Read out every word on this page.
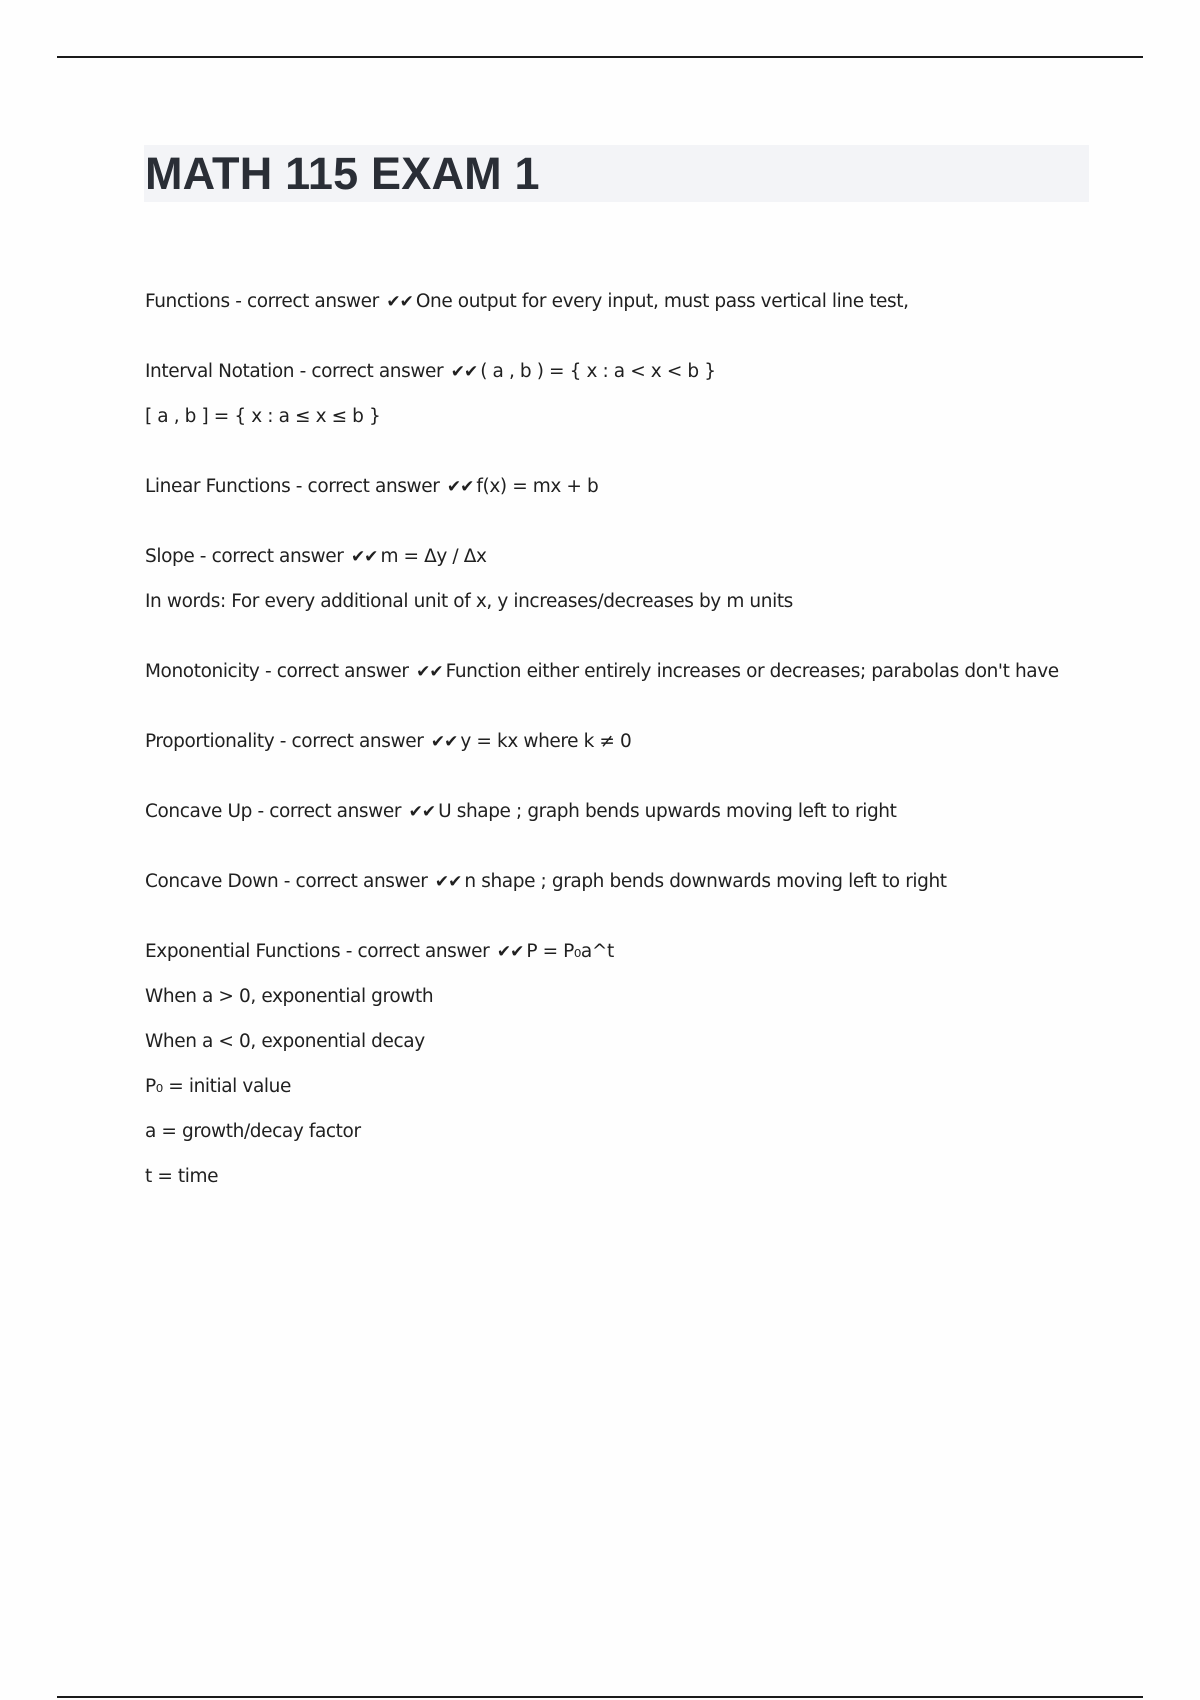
MATH 115 EXAM 1
Functions - correct answer ✔✔ One output for every input, must pass vertical line test,
Interval Notation - correct answer ✔✔ ( a , b ) = { x : a < x < b }
[ a , b ] = { x : a ≤ x ≤ b }
Linear Functions - correct answer ✔✔ f(x) = mx + b
Slope - correct answer ✔✔ m = Δy / Δx
In words: For every additional unit of x, y increases/decreases by m units
Monotonicity - correct answer ✔✔ Function either entirely increases or decreases; parabolas don't have
Proportionality - correct answer ✔✔ y = kx where k ≠ 0
Concave Up - correct answer ✔✔ U shape ; graph bends upwards moving left to right
Concave Down - correct answer ✔✔ n shape ; graph bends downwards moving left to right
Exponential Functions - correct answer ✔✔ P = P₀a^t
When a > 0, exponential growth
When a < 0, exponential decay
P₀ = initial value
a = growth/decay factor
t = time
